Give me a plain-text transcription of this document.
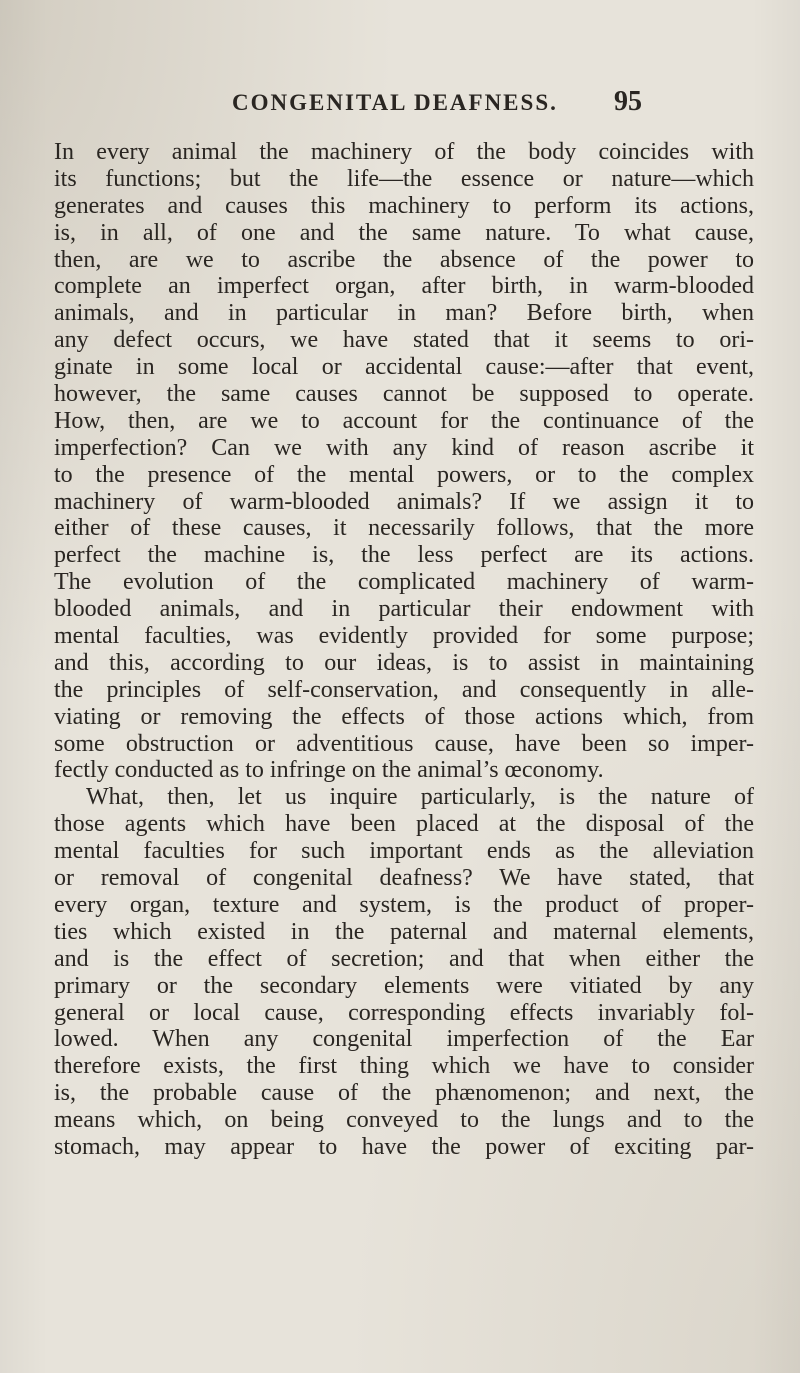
CONGENITAL DEAFNESS. 95
In every animal the machinery of the body coincides with
its functions; but the life—the essence or nature—which
generates and causes this machinery to perform its actions,
is, in all, of one and the same nature. To what cause,
then, are we to ascribe the absence of the power to
complete an imperfect organ, after birth, in warm-blooded
animals, and in particular in man? Before birth, when
any defect occurs, we have stated that it seems to ori-
ginate in some local or accidental cause:—after that event,
however, the same causes cannot be supposed to operate.
How, then, are we to account for the continuance of the
imperfection? Can we with any kind of reason ascribe it
to the presence of the mental powers, or to the complex
machinery of warm-blooded animals? If we assign it to
either of these causes, it necessarily follows, that the more
perfect the machine is, the less perfect are its actions.
The evolution of the complicated machinery of warm-
blooded animals, and in particular their endowment with
mental faculties, was evidently provided for some purpose;
and this, according to our ideas, is to assist in maintaining
the principles of self-conservation, and consequently in alle-
viating or removing the effects of those actions which, from
some obstruction or adventitious cause, have been so imper-
fectly conducted as to infringe on the animal’s œconomy.
What, then, let us inquire particularly, is the nature of
those agents which have been placed at the disposal of the
mental faculties for such important ends as the alleviation
or removal of congenital deafness? We have stated, that
every organ, texture and system, is the product of proper-
ties which existed in the paternal and maternal elements,
and is the effect of secretion; and that when either the
primary or the secondary elements were vitiated by any
general or local cause, corresponding effects invariably fol-
lowed. When any congenital imperfection of the Ear
therefore exists, the first thing which we have to consider
is, the probable cause of the phænomenon; and next, the
means which, on being conveyed to the lungs and to the
stomach, may appear to have the power of exciting par-
